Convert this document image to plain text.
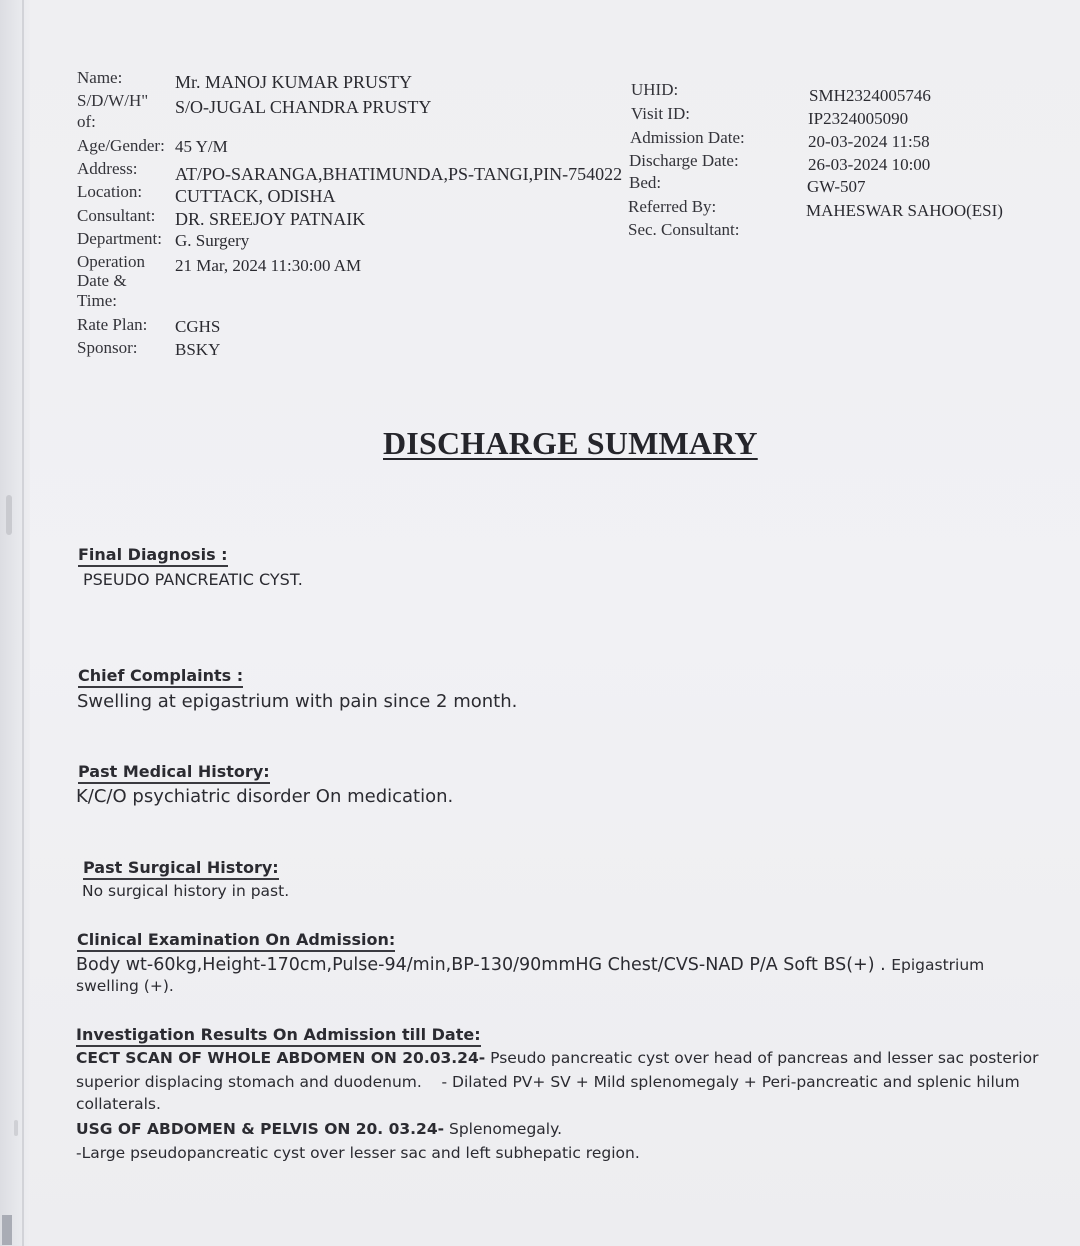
Name:
S/D/W/H"
of:
Age/Gender:
Address:
Location:
Consultant:
Department:
Operation
Date &
Time:
Rate Plan:
Sponsor:
Mr. MANOJ KUMAR PRUSTY
S/O-JUGAL CHANDRA PRUSTY
45 Y/M
AT/PO-SARANGA,BHATIMUNDA,PS-TANGI,PIN-754022
CUTTACK, ODISHA
DR. SREEJOY PATNAIK
G. Surgery
21 Mar, 2024 11:30:00 AM
CGHS
BSKY
UHID:
Visit ID:
Admission Date:
Discharge Date:
Bed:
Referred By:
Sec. Consultant:
SMH2324005746
IP2324005090
20-03-2024 11:58
26-03-2024 10:00
GW-507
MAHESWAR SAHOO(ESI)
DISCHARGE SUMMARY
Final Diagnosis :
PSEUDO PANCREATIC CYST.
Chief Complaints :
Swelling at epigastrium with pain since 2 month.
Past Medical History:
K/C/O psychiatric disorder On medication.
Past Surgical History:
No surgical history in past.
Clinical Examination On Admission:
Body wt-60kg,Height-170cm,Pulse-94/min,BP-130/90mmHG Chest/CVS-NAD P/A Soft BS(+) . Epigastrium
swelling (+).
Investigation Results On Admission till Date:
CECT SCAN OF WHOLE ABDOMEN ON 20.03.24- Pseudo pancreatic cyst over head of pancreas and lesser sac posterior
superior displacing stomach and duodenum.    - Dilated PV+ SV + Mild splenomegaly + Peri-pancreatic and splenic hilum
collaterals.
USG OF ABDOMEN & PELVIS ON 20. 03.24- Splenomegaly.
-Large pseudopancreatic cyst over lesser sac and left subhepatic region.
